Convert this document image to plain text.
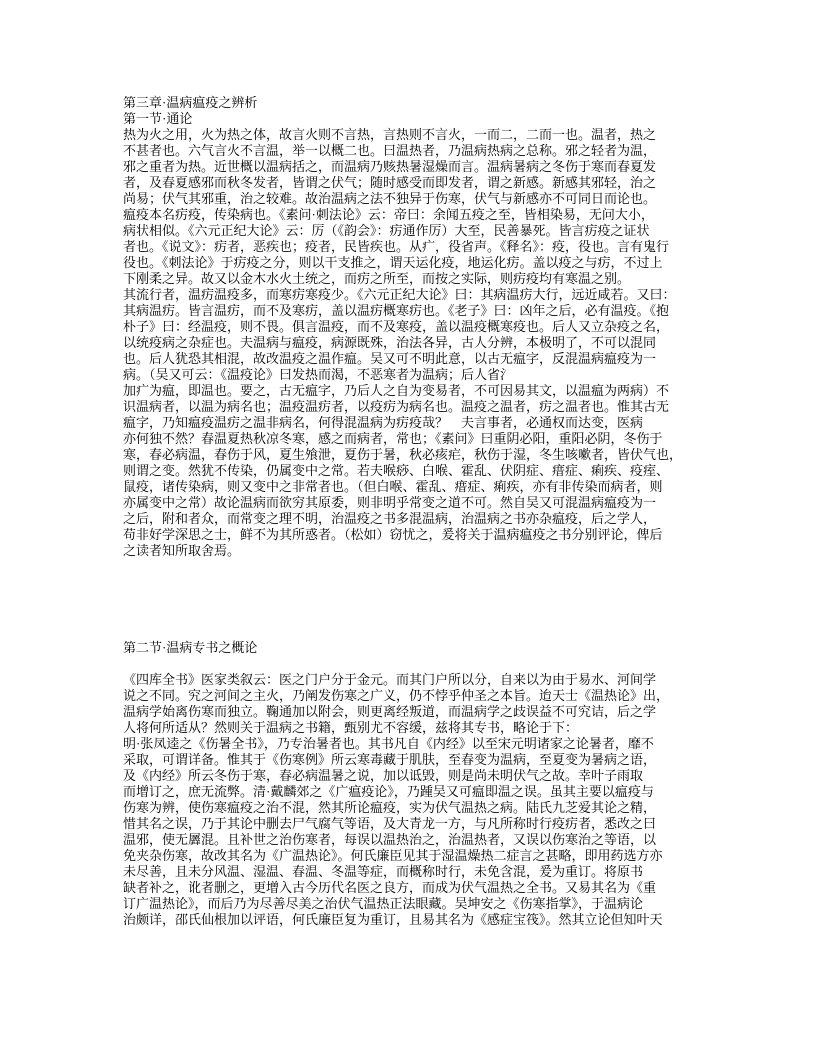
第三章·温病瘟疫之辨析
第一节·通论
热为火之用，火为热之体，故言火则不言热，言热则不言火，一而二，二而一也。温者，热之
不甚者也。六气言火不言温，举一以概二也。曰温热者，乃温病热病之总称。邪之轻者为温，
邪之重者为热。近世概以温病括之，而温病乃赅热暑湿燥而言。温病暑病之冬伤于寒而春夏发
者，及春夏感邪而秋冬发者，皆谓之伏气；随时感受而即发者，谓之新感。新感其邪轻，治之
尚易；伏气其邪重，治之较难。故治温病之法不独异于伤寒，伏气与新感亦不可同日而论也。
瘟疫本名疠疫，传染病也。《素问·刺法论》云：帝曰：余闻五疫之至，皆相染易，无问大小，
病状相似。《六元正纪大论》云：厉（《韵会》：疠通作厉）大至，民善暴死。皆言疠疫之证状
者也。《说文》：疠者，恶疾也；疫者，民皆疾也。从疒，役省声。《释名》：疫，役也。言有鬼行
役也。《刺法论》于疠疫之分，则以干支推之，谓天运化疫，地运化疠。盖以疫之与疠，不过上
下刚柔之异。故又以金木水火土统之，而疠之所至，而按之实际，则疠疫均有寒温之别。
其流行者，温疠温疫多，而寒疠寒疫少。《六元正纪大论》曰：其病温疠大行，远近咸若。又曰：
其病温疠。皆言温疠，而不及寒疠，盖以温疠概寒疠也。《老子》曰：凶年之后，必有温疫。《抱
朴子》曰：经温疫，则不畏。俱言温疫，而不及寒疫，盖以温疫概寒疫也。后人又立杂疫之名，
以统疫病之杂症也。夫温病与瘟疫，病源既殊，治法各异，古人分辨，本极明了，不可以混同
也。后人犹恐其相混，故改温疫之温作瘟。吴又可不明此意，以古无瘟字，反混温病瘟疫为一
病。（吴又可云：《温疫论》曰发热而渴，不恶寒者为温病；后人省氵
加疒为瘟，即温也。要之，古无瘟字，乃后人之自为变易者，不可因易其文，以温瘟为两病）不
识温病者，以温为病名也；温疫温疠者，以疫疠为病名也。温疫之温者，疠之温者也。惟其古无
瘟字，乃知瘟疫温疠之温非病名，何得混温病为疠疫哉？　夫言事者，必通权而达变，医病
亦何独不然？春温夏热秋凉冬寒，感之而病者，常也；《素问》曰重阴必阳，重阳必阴，冬伤于
寒，春必病温，春伤于风，夏生飧泄，夏伤于暑，秋必痎疟，秋伤于湿，冬生咳嗽者，皆伏气也，
则谓之变。然犹不传染，仍属变中之常。若夫喉痧、白喉、霍乱、伏阴症、瘄症、痢疾、疫痓、
鼠疫，诸传染病，则又变中之非常者也。（但白喉、霍乱、瘄症、痢疾，亦有非传染而病者，则
亦属变中之常）故论温病而欲穷其原委，则非明乎常变之道不可。然自吴又可混温病瘟疫为一
之后，附和者众，而常变之理不明，治温疫之书多混温病，治温病之书亦杂瘟疫，后之学人，
苟非好学深思之士，鲜不为其所惑者。（松如）窃忧之，爰将关于温病瘟疫之书分别评论，俾后
之读者知所取舍焉。
第二节·温病专书之概论
《四库全书》医家类叙云：医之门户分于金元。而其门户所以分，自来以为由于易水、河间学
说之不同。究之河间之主火，乃阐发伤寒之广义，仍不悖乎仲圣之本旨。迨天士《温热论》出，
温病学始离伤寒而独立。鞠通加以附会，则更离经叛道，而温病学之歧误益不可究诘，后之学
人将何所适从？然则关于温病之书籍，甄别尤不容缓，兹将其专书，略论于下：
明·张凤逵之《伤暑全书》，乃专治暑者也。其书凡自《内经》以至宋元明诸家之论暑者，靡不
采取，可谓详备。惟其于《伤寒例》所云寒毒藏于肌肤，至春变为温病，至夏变为暑病之语，
及《内经》所云冬伤于寒，春必病温暑之说，加以诋毁，则是尚未明伏气之故。幸叶子雨取
而增订之，庶无流弊。清·戴麟郊之《广瘟疫论》，乃踵吴又可瘟即温之误。虽其主要以瘟疫与
伤寒为辨，使伤寒瘟疫之治不混，然其所论瘟疫，实为伏气温热之病。陆氏九芝爱其论之精，
惜其名之误，乃于其论中删去尸气腐气等语，及大青龙一方，与凡所称时行疫疠者，悉改之曰
温邪，使无羼混。且补世之治伤寒者，每误以温热治之，治温热者，又误以伤寒治之等语，以
免夹杂伤寒，故改其名为《广温热论》。何氏廉臣见其于湿温燥热二症言之甚略，即用药选方亦
未尽善，且未分风温、湿温、春温、冬温等症，而概称时行，未免含混，爰为重订。将原书
缺者补之，讹者删之，更增入古今历代名医之良方，而成为伏气温热之全书。又易其名为《重
订广温热论》，而后乃为尽善尽美之治伏气温热正法眼藏。吴坤安之《伤寒指掌》，于温病论
治颇详，邵氏仙根加以评语，何氏廉臣复为重订，且易其名为《感症宝筏》。然其立论但知叶天
